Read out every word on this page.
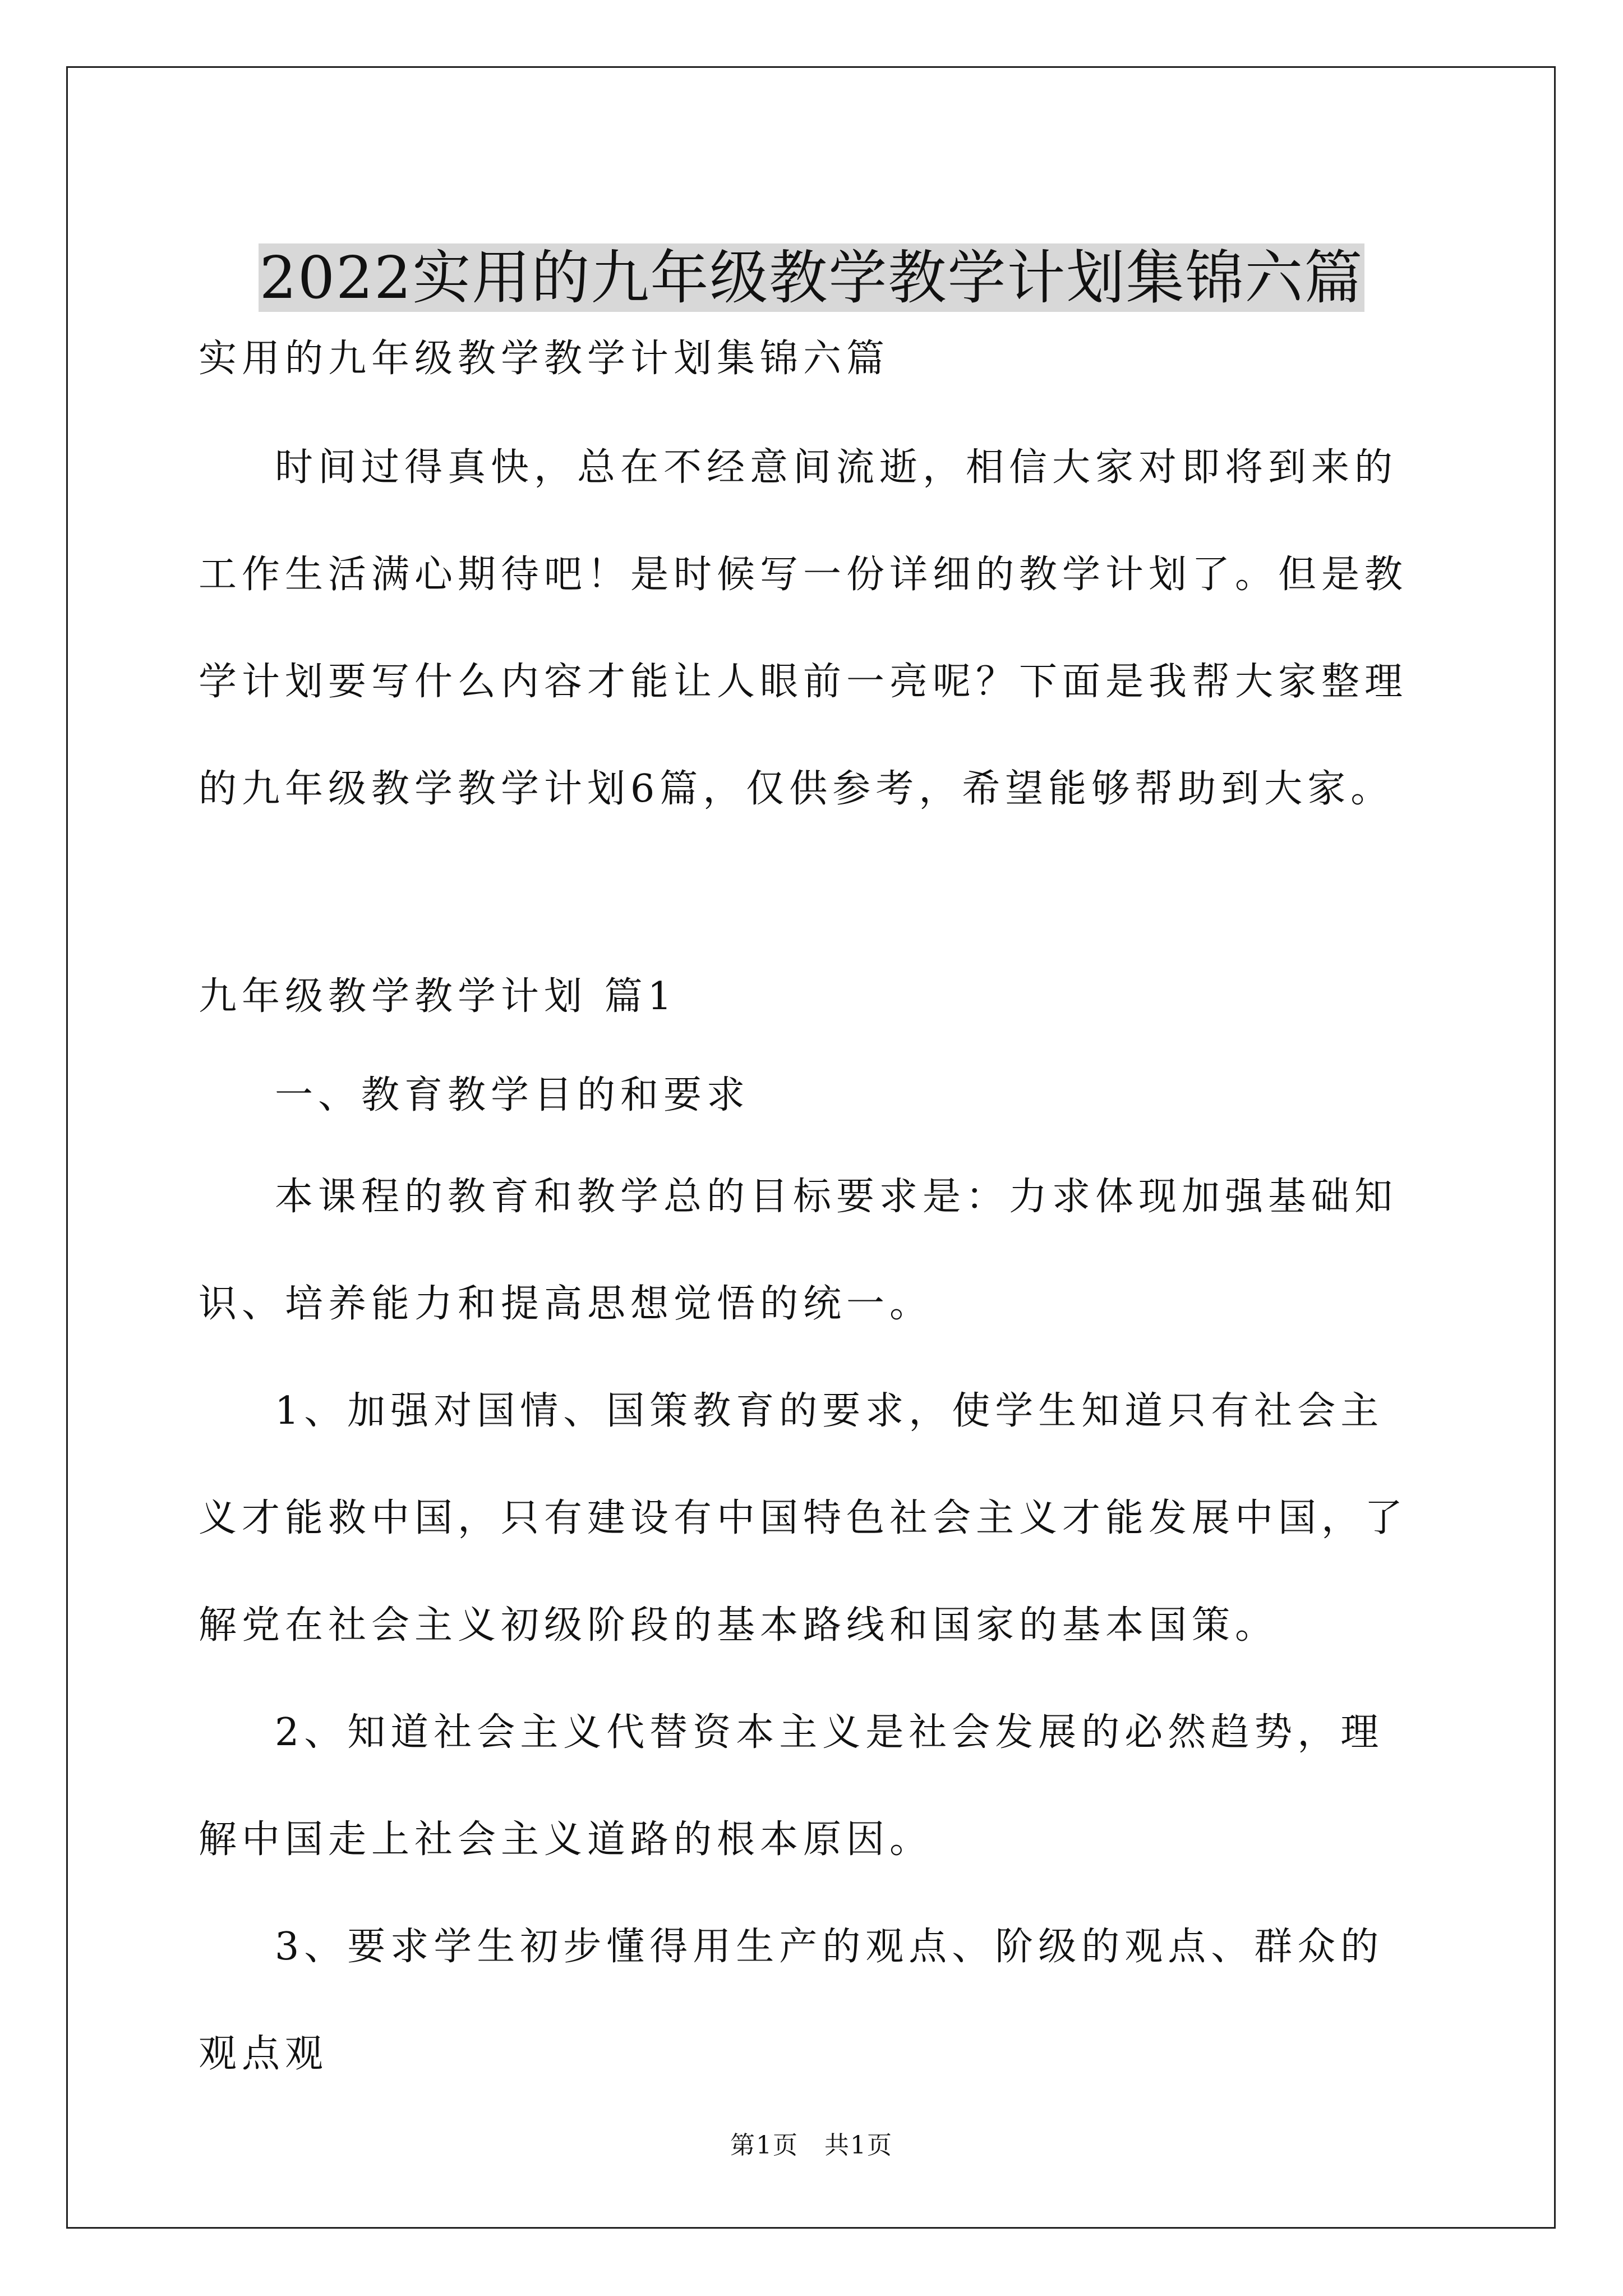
2022实用的九年级教学教学计划集锦六篇

实用的九年级教学教学计划集锦六篇

时间过得真快，总在不经意间流逝，相信大家对即将到来的工作生活满心期待吧！是时候写一份详细的教学计划了。但是教学计划要写什么内容才能让人眼前一亮呢？下面是我帮大家整理的九年级教学教学计划6篇，仅供参考，希望能够帮助到大家。

九年级教学教学计划 篇1

一、教育教学目的和要求

本课程的教育和教学总的目标要求是：力求体现加强基础知识、培养能力和提高思想觉悟的统一。

1、加强对国情、国策教育的要求，使学生知道只有社会主义才能救中国，只有建设有中国特色社会主义才能发展中国，了解党在社会主义初级阶段的基本路线和国家的基本国策。

2、知道社会主义代替资本主义是社会发展的必然趋势，理解中国走上社会主义道路的根本原因。

3、要求学生初步懂得用生产的观点、阶级的观点、群众的观点观

第1页 共1页
